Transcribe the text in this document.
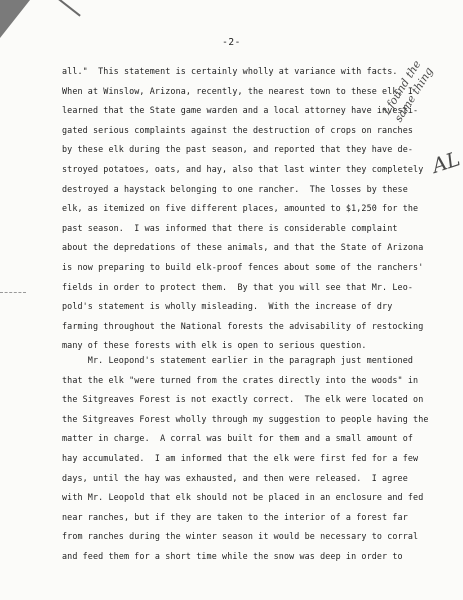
-2-
all."  This statement is certainly wholly at variance with facts.
When at Winslow, Arizona, recently, the nearest town to these elk, I
learned that the State game warden and a local attorney have investi-
gated serious complaints against the destruction of crops on ranches
by these elk during the past season, and reported that they have de-
stroyed potatoes, oats, and hay, also that last winter they completely
destroyed a haystack belonging to one rancher.  The losses by these
elk, as itemized on five different places, amounted to $1,250 for the
past season.  I was informed that there is considerable complaint
about the depredations of these animals, and that the State of Arizona
is now preparing to build elk-proof fences about some of the ranchers'
fields in order to protect them.  By that you will see that Mr. Leo-
pold's statement is wholly misleading.  With the increase of dry
farming throughout the National forests the advisability of restocking
many of these forests with elk is open to serious question.
Mr. Leopond's statement earlier in the paragraph just mentioned
that the elk "were turned from the crates directly into the woods" in
the Sitgreaves Forest is not exactly correct.  The elk were located on
the Sitgreaves Forest wholly through my suggestion to people having the
matter in charge.  A corral was built for them and a small amount of
hay accumulated.  I am informed that the elk were first fed for a few
days, until the hay was exhausted, and then were released.  I agree
with Mr. Leopold that elk should not be placed in an enclosure and fed
near ranches, but if they are taken to the interior of a forest far
from ranches during the winter season it would be necessary to corral
and feed them for a short time while the snow was deep in order to
I found the
same thing
AL
